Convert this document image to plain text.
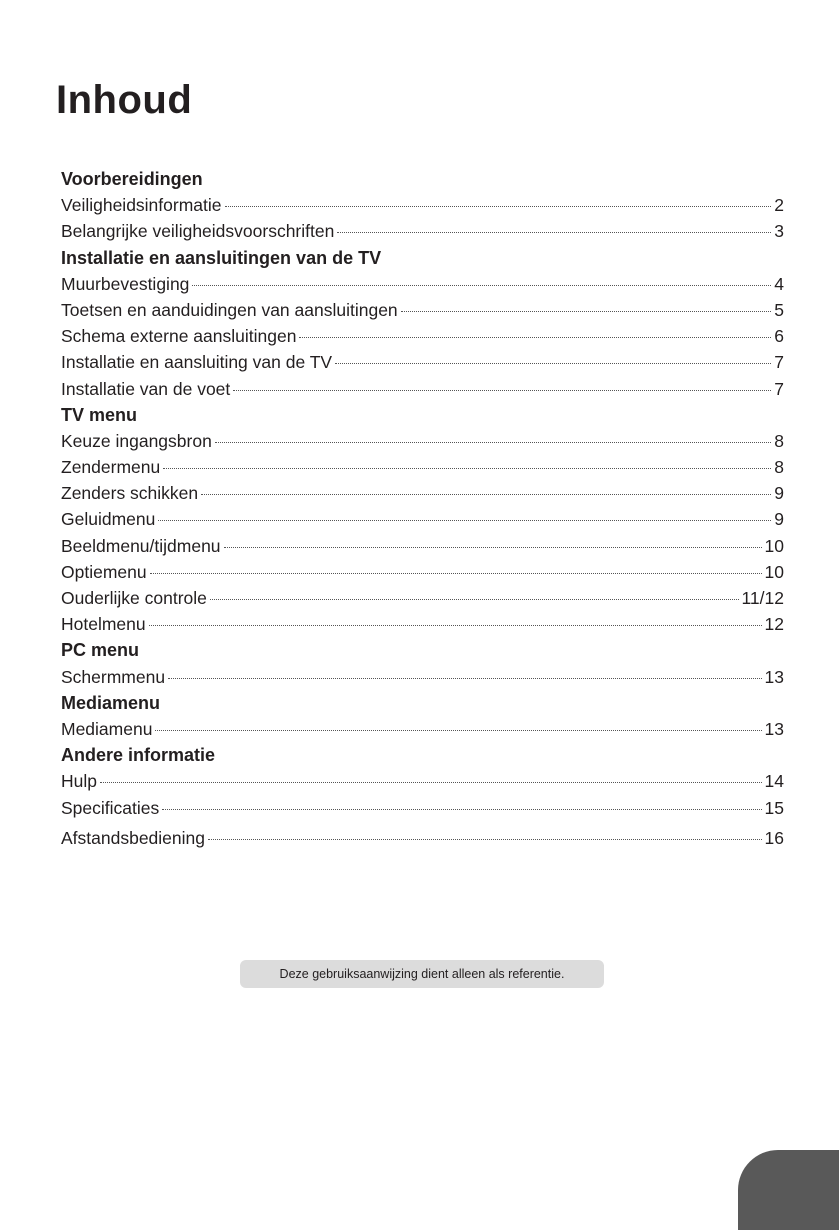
Inhoud
Voorbereidingen
Veiligheidsinformatie	2
Belangrijke veiligheidsvoorschriften	3
Installatie en aansluitingen van de TV
Muurbevestiging	4
Toetsen en aanduidingen van aansluitingen	5
Schema externe aansluitingen	6
Installatie en aansluiting van de TV	7
Installatie van de voet	7
TV menu
Keuze ingangsbron	8
Zendermenu	8
Zenders schikken	9
Geluidmenu	9
Beeldmenu/tijdmenu	10
Optiemenu	10
Ouderlijke controle	11/12
Hotelmenu	12
PC menu
Schermmenu	13
Mediamenu
Mediamenu	13
Andere informatie
Hulp	14
Specificaties	15
Afstandsbediening	16
Deze gebruiksaanwijzing dient alleen als referentie.
